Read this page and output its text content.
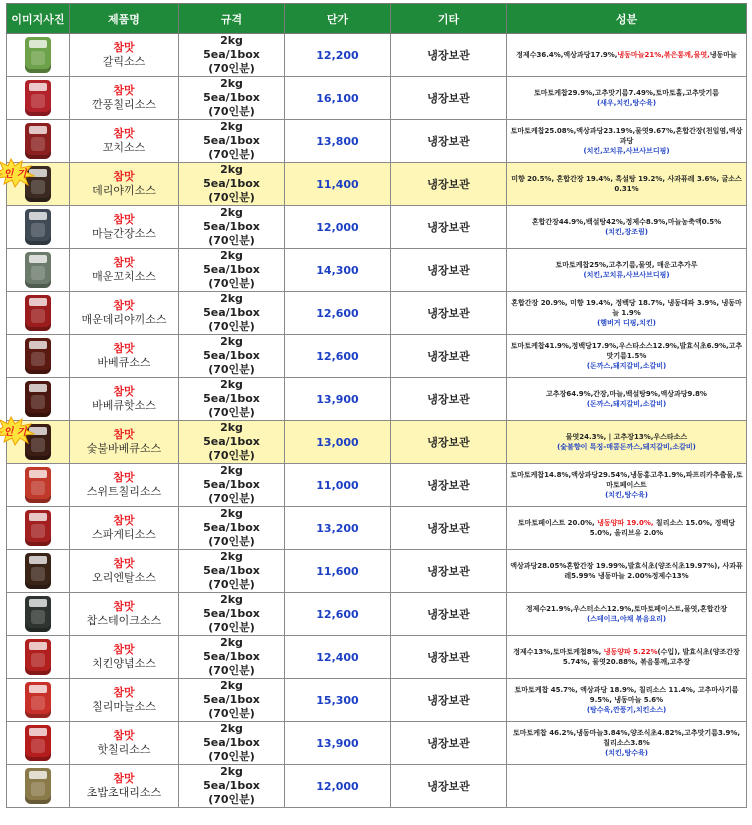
이미지사진	제품명	규격	단가	기타	성분

	참맛
갈릭소스	2kg
5ea/1box
(70인분)	12,200	냉장보관	정제수36.4%,액상과당17.9%,냉동마늘21%,볶은통깨,물엿,냉동마늘

	참맛
깐풍칠리소스	2kg
5ea/1box
(70인분)	16,100	냉장보관	토마토케찹29.9%,고추맛기름7.49%,토마토홀,고추맛기름
(새우,치킨,탕수육)

	참맛
꼬치소스	2kg
5ea/1box
(70인분)	13,800	냉장보관	토마토케찹25.08%,액상과당23.19%,물엿9.67%,혼합간장(천일염,액상과당
(치킨,꼬치류,사브사브디핑)

인 기	참맛
데리야끼소스	2kg
5ea/1box
(70인분)	11,400	냉장보관	미향 20.5%, 혼합간장 19.4%, 흑설탕 19.2%, 사과퓨레 3.6%, 굴소스 0.31%

	참맛
마늘간장소스	2kg
5ea/1box
(70인분)	12,000	냉장보관	혼합간장44.9%,백설탕42%,정제수8.9%,마늘농축액0.5%
(치킨,장조림)

	참맛
매운꼬치소스	2kg
5ea/1box
(70인분)	14,300	냉장보관	토마토케찹25%,고추기름,물엿, 매운고추가루
(치킨,꼬치류,사브사브디핑)

	참맛
매운데리야끼소스	2kg
5ea/1box
(70인분)	12,600	냉장보관	혼합간장 20.9%, 미향 19.4%, 정백당 18.7%, 냉동대파 3.9%, 냉동마늘 1.9%
(햄버거 디핑,치킨)

	참맛
바베큐소스	2kg
5ea/1box
(70인분)	12,600	냉장보관	토마토케찹41.9%,정백당17.9%,우스타소스12.9%,발효식초6.9%,고추맛기름1.5%
(돈까스,돼지갈비,소갈비)

	참맛
바베큐핫소스	2kg
5ea/1box
(70인분)	13,900	냉장보관	고추장64.9%,간장,마늘,백설탕9%,액상과당9.8%
(돈까스,돼지갈비,소갈비)

인 기	참맛
숯불바베큐소스	2kg
5ea/1box
(70인분)	13,000	냉장보관	물엿24.3%, | 고추장13%,우스타소스
(숯불향이 특징-매콤돈까스,돼지갈비,소갈비)

	참맛
스위트칠리소스	2kg
5ea/1box
(70인분)	11,000	냉장보관	토마토케찹14.8%,액상과당29.54%,냉동홍고추1.9%,파프리카추출물,토마토페이스트
(치킨,탕수육)

	참맛
스파게티소스	2kg
5ea/1box
(70인분)	13,200	냉장보관	토마토페이스트 20.0%, 냉동양파 19.0%, 칠리소스 15.0%, 정백당 5.0%, 올리브유 2.0%

	참맛
오리엔탈소스	2kg
5ea/1box
(70인분)	11,600	냉장보관	액상과당28.05%혼합간장 19.99%,발효식초(양조식초19.97%), 사과퓨레5.99% 냉동마늘 2.00%정제수13%

	참맛
찹스테이크소스	2kg
5ea/1box
(70인분)	12,600	냉장보관	정제수21.9%,우스터소스12.9%,토마토페이스트,물엿,혼합간장
(스테이크,야채 볶음요리)

	참맛
치킨양념소스	2kg
5ea/1box
(70인분)	12,400	냉장보관	정제수13%,토마토케첩8%, 냉동양파 5.22%(수입), 발효식초(양조간장5.74%, 물엿20.88%, 볶음통깨,고추장

	참맛
칠리마늘소스	2kg
5ea/1box
(70인분)	15,300	냉장보관	토마토케찹 45.7%, 액상과당 18.9%, 칠리소스 11.4%, 고추마사기름 9.5%, 냉동마늘 5.6%
(탕수육,깐풍기,치킨소스)

	참맛
핫칠리소스	2kg
5ea/1box
(70인분)	13,900	냉장보관	토마토케찹 46.2%,냉동마늘3.84%,양조식초4.82%,고추맛기름3.9%,칠리소스3.8%
(치킨,탕수육)

	참맛
초밥초대리소스	2kg
5ea/1box
(70인분)	12,000	냉장보관	
